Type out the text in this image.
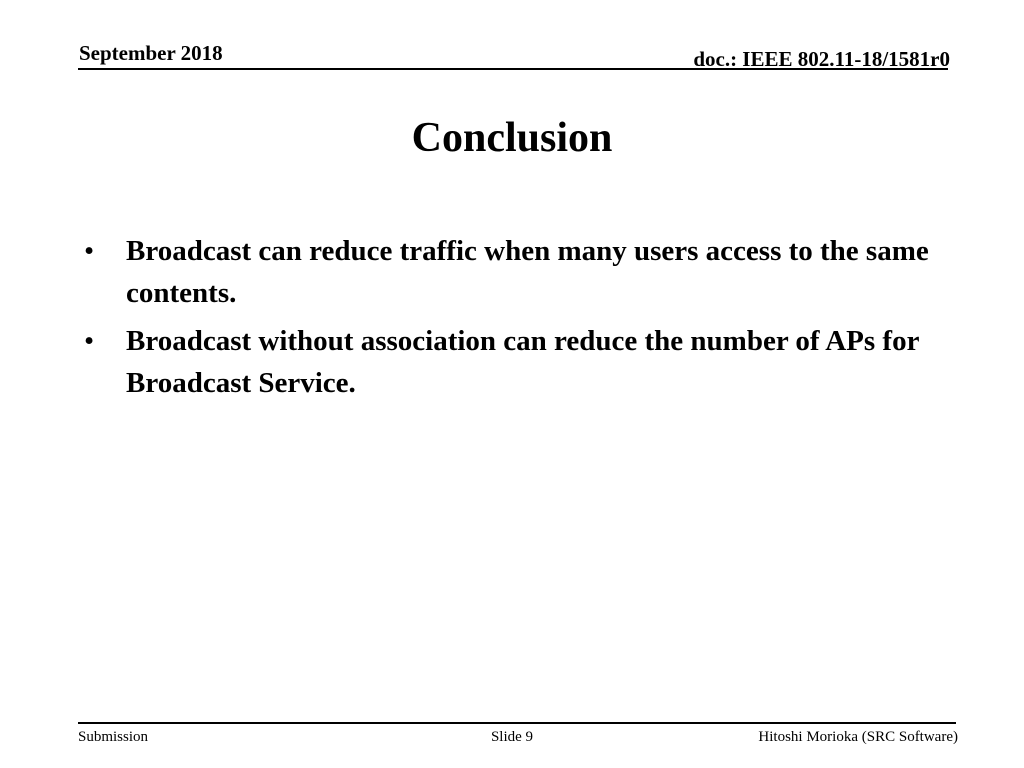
September 2018	doc.: IEEE 802.11-18/1581r0
Conclusion
• Broadcast can reduce traffic when many users access to the same contents.
• Broadcast without association can reduce the number of APs for Broadcast Service.
Submission	Slide 9	Hitoshi Morioka (SRC Software)
